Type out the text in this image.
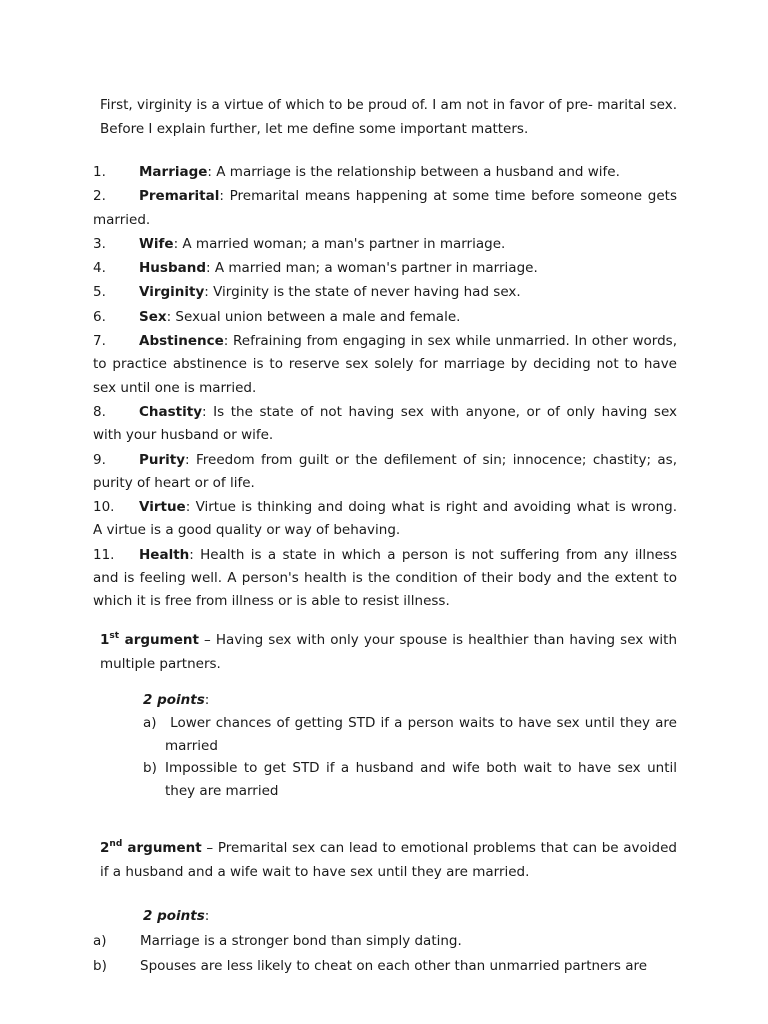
First, virginity is a virtue of which to be proud of. I am not in favor of pre- marital sex. Before I explain further, let me define some important matters.

1. Marriage: A marriage is the relationship between a husband and wife.
2. Premarital: Premarital means happening at some time before someone gets married.
3. Wife: A married woman; a man's partner in marriage.
4. Husband: A married man; a woman's partner in marriage.
5. Virginity: Virginity is the state of never having had sex.
6. Sex: Sexual union between a male and female.
7. Abstinence: Refraining from engaging in sex while unmarried. In other words, to practice abstinence is to reserve sex solely for marriage by deciding not to have sex until one is married.
8. Chastity: Is the state of not having sex with anyone, or of only having sex with your husband or wife.
9. Purity: Freedom from guilt or the defilement of sin; innocence; chastity; as, purity of heart or of life.
10. Virtue: Virtue is thinking and doing what is right and avoiding what is wrong. A virtue is a good quality or way of behaving.
11. Health: Health is a state in which a person is not suffering from any illness and is feeling well. A person's health is the condition of their body and the extent to which it is free from illness or is able to resist illness.

1st argument – Having sex with only your spouse is healthier than having sex with multiple partners.

2 points:

a) Lower chances of getting STD if a person waits to have sex until they are married
b) Impossible to get STD if a husband and wife both wait to have sex until they are married

2nd argument – Premarital sex can lead to emotional problems that can be avoided if a husband and a wife wait to have sex until they are married.

2 points:

a) Marriage is a stronger bond than simply dating.
b) Spouses are less likely to cheat on each other than unmarried partners are
